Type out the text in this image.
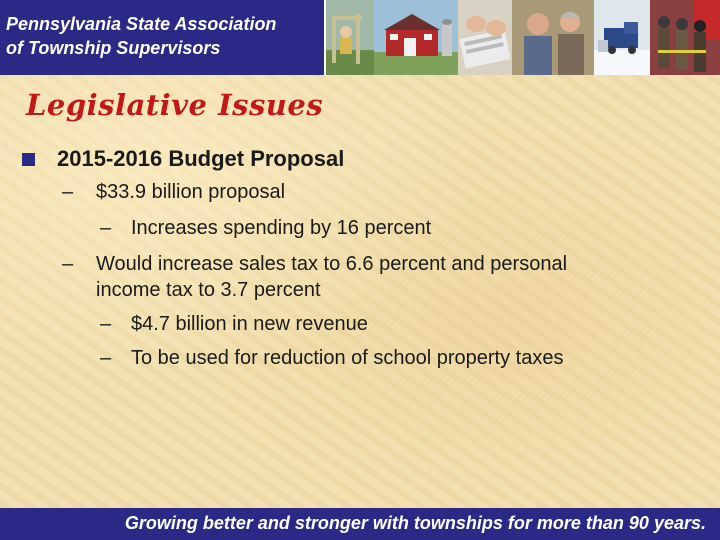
Pennsylvania State Association
of Township Supervisors
Legislative Issues
2015-2016 Budget Proposal
– $33.9 billion proposal
– Increases spending by 16 percent
– Would increase sales tax to 6.6 percent and personal
income tax to 3.7 percent
– $4.7 billion in new revenue
– To be used for reduction of school property taxes
Growing better and stronger with townships for more than 90 years.
